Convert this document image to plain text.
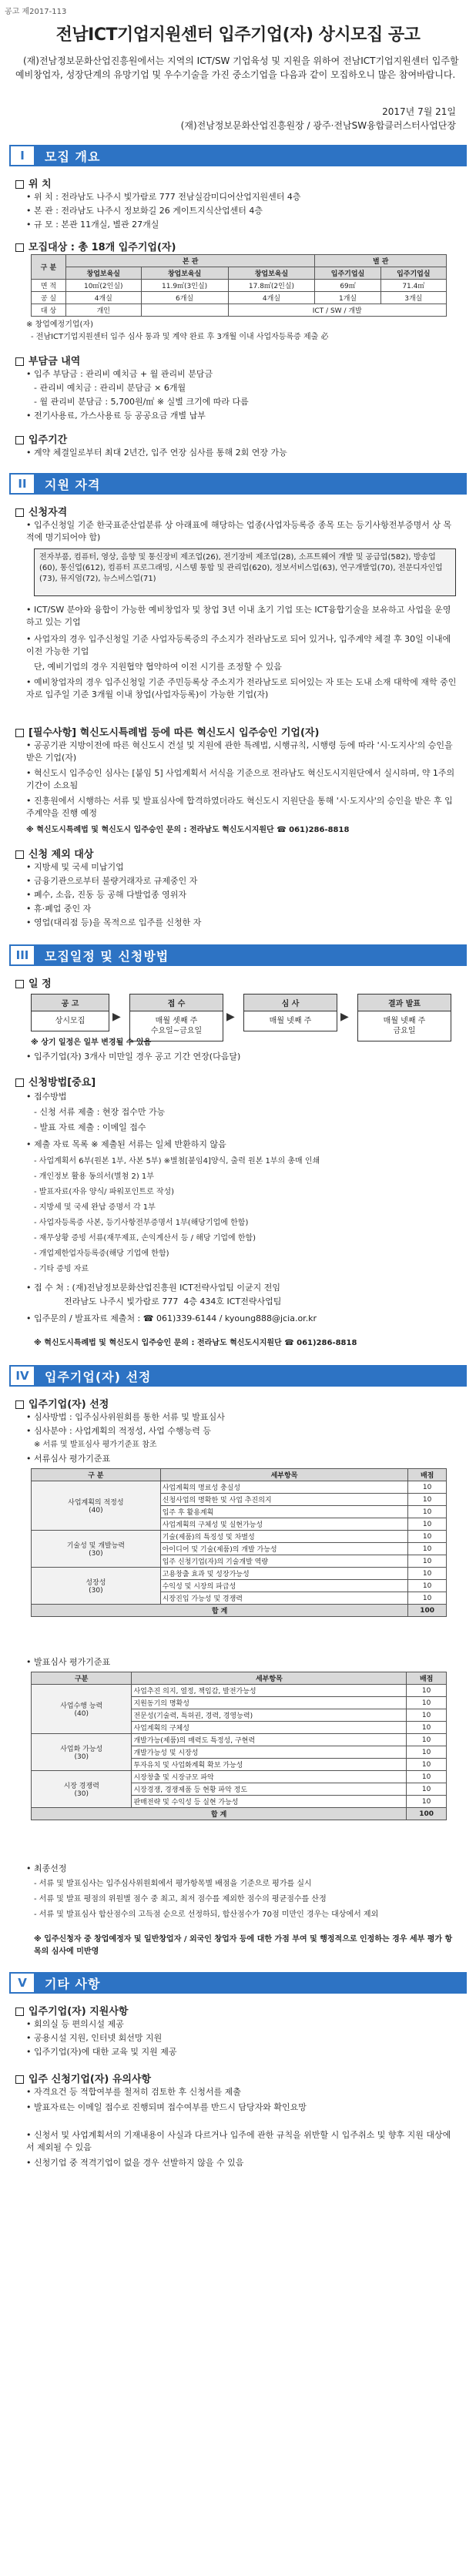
공고 제2017-113
전남ICT기업지원센터 입주기업(자) 상시모집 공고
(재)전남정보문화산업진흥원에서는 지역의 ICT/SW 기업육성 및 지원을 위하여 전남ICT기업지원센터 입주할 예비창업자, 성장단계의 유망기업 및 우수기술을 가진 중소기업을 다음과 같이 모집하오니 많은 참여바랍니다.
2017년 7월 21일
(재)전남정보문화산업진흥원장 / 광주·전남SW융합클러스터사업단장
I	모집 개요
위 치
• 위 치 : 전라남도 나주시 빛가람로 777 전남실감미디어산업지원센터 4층
• 본 관 : 전라남도 나주시 정보화길 26 게이트지식산업센터 4층
• 규 모 : 본관 11개실, 별관 27개실
모집대상 : 총 18개 입주기업(자)
구 분	본 관			별 관	
	창업보육실	창업보육실	창업보육실	입주기업실	입주기업실
면 적	10㎡(2인실)	11.9㎡(3인실)	17.8㎡(2인실)	69㎡	71.4㎡
공 실	4개실	6개실	4개실	1개실	3개실
대 상	개인		ICT / SW / 개발		
※ 창업예정기업(자)
- 전남ICT기업지원센터 입주 심사 통과 및 계약 완료 후 3개월 이내 사업자등록증 제출 必
부담금 내역
• 입주 부담금 : 관리비 예치금 + 월 관리비 분담금
- 관리비 예치금 : 관리비 분담금 × 6개월
- 월 관리비 분담금 : 5,700원/㎡ ※ 실별 크기에 따라 다름
• 전기사용료, 가스사용료 등 공공요금 개별 납부
입주기간
• 계약 체결일로부터 최대 2년간, 입주 연장 심사를 통해 2회 연장 가능
II	지원 자격
신청자격
• 입주신청일 기준 한국표준산업분류 상 아래표에 해당하는 업종(사업자등록증 종목 또는 등기사항전부증명서 상 목적에 명기되어야 함)
전자부품, 컴퓨터, 영상, 음향 및 통신장비 제조업(26), 전기장비 제조업(28), 소프트웨어 개발 및 공급업(582), 방송업(60), 통신업(612), 컴퓨터 프로그래밍, 시스템 통합 및 관리업(620), 정보서비스업(63), 연구개발업(70), 전문디자인업(73), 뮤지엄(72), 뉴스비스업(71)
• ICT/SW 분야와 융합이 가능한 예비창업자 및 창업 3년 이내 초기 기업 또는 ICT융합기술을 보유하고 사업을 운영하고 있는 기업
• 사업자의 경우 입주신청일 기준 사업자등록증의 주소지가 전라남도로 되어 있거나, 입주계약 체결 후 30일 이내에 이전 가능한 기업
단, 예비기업의 경우 지원협약 협약하여 이전 시기를 조정할 수 있음
• 예비창업자의 경우 입주신청일 기준 주민등록상 주소지가 전라남도로 되어있는 자 또는 도내 소재 대학에 재학 중인 자로 입주일 기준 3개월 이내 창업(사업자등록)이 가능한 기업(자)
[필수사항] 혁신도시특례법 등에 따른 혁신도시 입주승인 기업(자)
• 공공기관 지방이전에 따른 혁신도시 건설 및 지원에 관한 특례법, 시행규칙, 시행령 등에 따라 '시·도지사'의 승인을 받은 기업(자)
• 혁신도시 입주승인 심사는 [붙임 5] 사업계획서 서식을 기준으로 전라남도 혁신도시지원단에서 실시하며, 약 1주의 기간이 소요됨
• 진흥원에서 시행하는 서류 및 발표심사에 합격하였더라도 혁신도시 지원단을 통해 '시·도지사'의 승인을 받은 후 입주계약을 진행 예정
※ 혁신도시특례법 및 혁신도시 입주승인 문의 : 전라남도 혁신도시지원단 ☎ 061)286-8818
신청 제외 대상
• 지방세 및 국세 미납기업
• 금융기관으로부터 불량거래자로 규제중인 자
• 폐수, 소음, 진동 등 공해 다발업종 영위자
• 휴·폐업 중인 자
• 영업(대리점 등)을 목적으로 입주를 신청한 자
III	모집일정 및 신청방법
일 정
공 고
상시모집	▶
접 수
매월 셋째 주
수요일~금요일
▶
심 사
매월 넷째 주	▶
결과 발표
매월 넷째 주
금요일
※ 상기 일정은 일부 변경될 수 있음
• 입주기업(자) 3개사 미만일 경우 공고 기간 연장(다음달)
신청방법[중요]
• 접수방법
- 신청 서류 제출 : 현장 접수만 가능
- 발표 자료 제출 : 이메일 접수
• 제출 자료 목록 ※ 제출된 서류는 일체 반환하지 않음
- 사업계획서 6부(원본 1부, 사본 5부) ※별첨[붙임4]양식, 출력 원본 1부의 총매 인쇄
- 개인정보 활용 동의서(별첨 2) 1부
- 발표자료(자유 양식/ 파워포인트로 작성)
- 지방세 및 국세 완납 증명서 각 1부
- 사업자등록증 사본, 등기사항전부증명서 1부(해당기업에 한함)
- 재무상황 증빙 서류(재무제표, 손익계산서 등 / 해당 기업에 한함)
- 개업제한업자등록증(해당 기업에 한함)
- 기타 증빙 자료
• 접 수 처 : (재)전남정보문화산업진흥원 ICT전략사업팀 이균지 전임
전라남도 나주시 빛가람로 777  4층 434호 ICT전략사업팀
• 입주문의 / 발표자료 제출처 : ☎ 061)339-6144 / kyoung888@jcia.or.kr
※ 혁신도시특례법 및 혁신도시 입주승인 문의 : 전라남도 혁신도시지원단 ☎ 061)286-8818
IV	입주기업(자) 선정
입주기업(자) 선정
• 심사방법 : 입주심사위원회를 통한 서류 및 발표심사
• 심사분야 : 사업계획의 적정성, 사업 수행능력 등
※ 서류 및 발표심사 평가기준표 참조
• 서류심사 평가기준표
구 분	세부항목	배점
사업계획의 적정성
(40)	사업계획의 명료성 충실성	10
	신청사업의 명확한 및 사업 추진의지	10
	입주 후 활용계획	10
	사업계획의 구체성 및 실현가능성	10
기술성 및 개발능력
(30)	기술(제품)의 특징성 및 차별성	10
	아이디어 및 기술(제품)의 개발 가능성	10
	입주 신청기업(자)의 기술개발 역량	10
성장성
(30)	고용창출 효과 및 성장가능성	10
	수익성 및 시장의 파급성	10
	시장진입 가능성 및 경쟁력	10
합 계		100
• 발표심사 평가기준표
구분	세부항목	배점
사업수행 능력
(40)	사업추진 의지, 열정, 책임감, 발전가능성	10
	지원동기의 명확성	10
	전문성(기술력, 특허권, 경력, 경영능력)	10
	사업계획의 구체성	10
사업화 가능성
(30)	개발가능(제품)의 매력도 특정성, 구현력	10
	개발가능성 및 시장성	10
	투자유치 및 사업화계획 확보 가능성	10
시장 경쟁력
(30)	시장창출 및 시장규모 파악	10
	시장경쟁, 경쟁제품 등 현황 파악 정도	10
	판매전략 및 수익성 등 실현 가능성	10
합 계		100
• 최종선정
- 서류 및 발표심사는 입주심사위원회에서 평가항목별 배점을 기준으로 평가를 실시
- 서류 및 발표 평점의 위원별 점수 중 최고, 최저 점수를 제외한 점수의 평균점수를 산정
- 서류 및 발표심사 합산점수의 고득점 순으로 선정하되, 합산점수가 70점 미만인 경우는 대상에서 제외
※ 입주신청자 중 창업예정자 및 일반창업자 / 외국인 창업자 등에 대한 가점 부여 및 행정적으로 인정하는 경우 세부 평가 항목의 심사에 미반영
V	기타 사항
입주기업(자) 지원사항
• 회의실 등 편의시설 제공
• 공용시설 지원, 인터넷 회선망 지원
• 입주기업(자)에 대한 교육 및 지원 제공
입주 신청기업(자) 유의사항
• 자격요건 등 적합여부를 철저히 검토한 후 신청서를 제출
• 발표자료는 이메일 접수로 진행되며 접수여부를 반드시 담당자와 확인요망
• 신청서 및 사업계획서의 기재내용이 사실과 다르거나 입주에 관한 규칙을 위반할 시 입주취소 및 향후 지원 대상에서 제외될 수 있음
• 신청기업 중 적격기업이 없을 경우 선발하지 않을 수 있음
